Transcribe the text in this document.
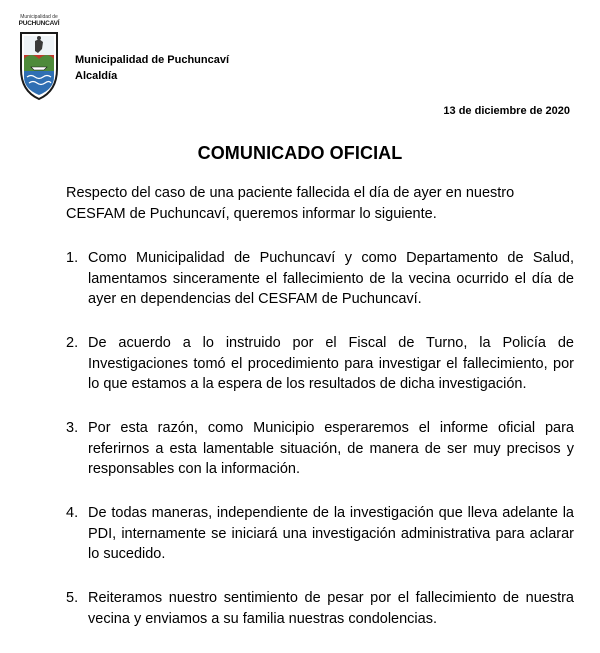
Municipalidad de
PUCHUNCAVÍ
Municipalidad de Puchuncaví
Alcaldía
13 de diciembre de 2020
COMUNICADO OFICIAL

Respecto del caso de una paciente fallecida el día de ayer en nuestro CESFAM de Puchuncaví, queremos informar lo siguiente.

1. Como Municipalidad de Puchuncaví y como Departamento de Salud, lamentamos sinceramente el fallecimiento de la vecina ocurrido el día de ayer en dependencias del CESFAM de Puchuncaví.
2. De acuerdo a lo instruido por el Fiscal de Turno, la Policía de Investigaciones tomó el procedimiento para investigar el fallecimiento, por lo que estamos a la espera de los resultados de dicha investigación.
3. Por esta razón, como Municipio esperaremos el informe oficial para referirnos a esta lamentable situación, de manera de ser muy precisos y responsables con la información.
4. De todas maneras, independiente de la investigación que lleva adelante la PDI, internamente se iniciará una investigación administrativa para aclarar lo sucedido.
5. Reiteramos nuestro sentimiento de pesar por el fallecimiento de nuestra vecina y enviamos a su familia nuestras condolencias.
